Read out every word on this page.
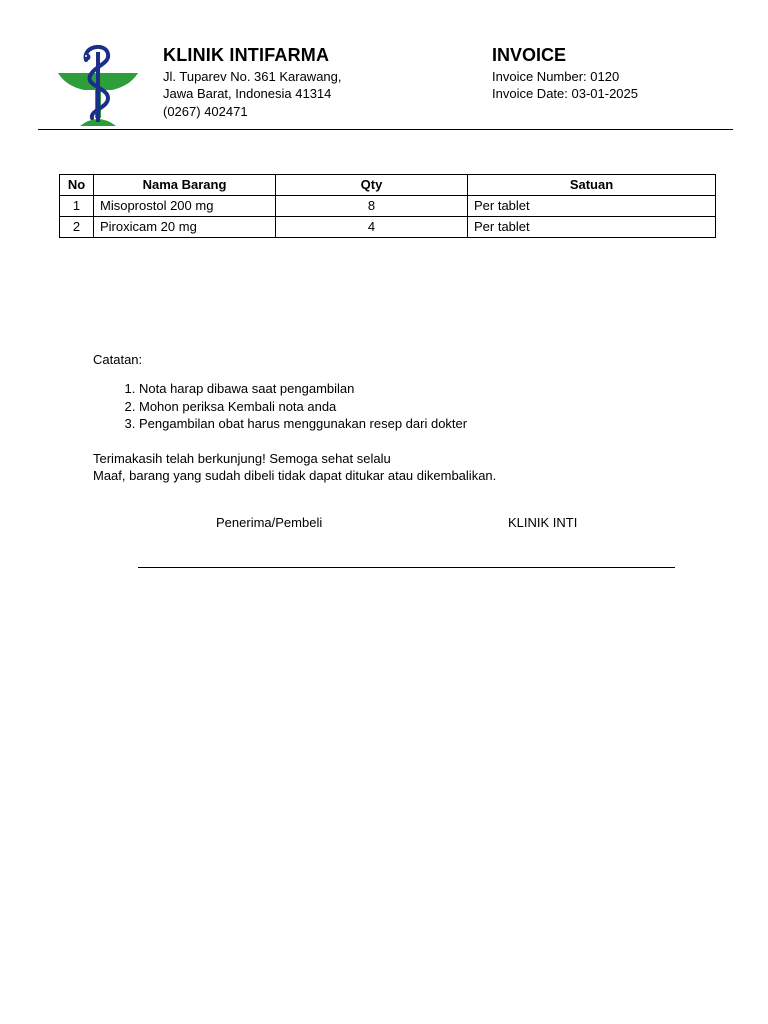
KLINIK INTIFARMA
Jl. Tuparev No. 361 Karawang,
Jawa Barat, Indonesia 41314
(0267) 402471
INVOICE
Invoice Number: 0120
Invoice Date: 03-01-2025
No	Nama Barang	Qty	Satuan
1	Misoprostol 200 mg	8	Per tablet
2	Piroxicam 20 mg	4	Per tablet
Catatan:
1. Nota harap dibawa saat pengambilan
2. Mohon periksa Kembali nota anda
3. Pengambilan obat harus menggunakan resep dari dokter
Terimakasih telah berkunjung! Semoga sehat selalu
Maaf, barang yang sudah dibeli tidak dapat ditukar atau dikembalikan.
Penerima/Pembeli	KLINIK INTI
